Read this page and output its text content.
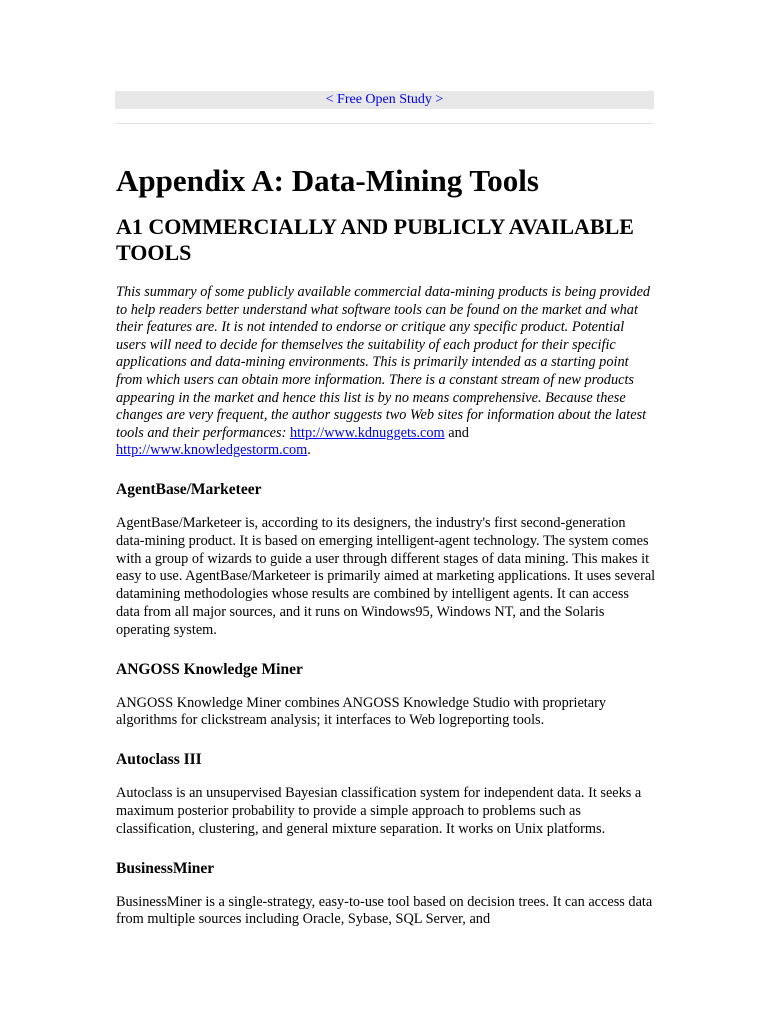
< Free Open Study >
Appendix A: Data-Mining Tools
A1 COMMERCIALLY AND PUBLICLY AVAILABLE TOOLS

This summary of some publicly available commercial data-mining products is being provided to help readers better understand what software tools can be found on the market and what their features are. It is not intended to endorse or critique any specific product. Potential users will need to decide for themselves the suitability of each product for their specific applications and data-mining environments. This is primarily intended as a starting point from which users can obtain more information. There is a constant stream of new products appearing in the market and hence this list is by no means comprehensive. Because these changes are very frequent, the author suggests two Web sites for information about the latest tools and their performances: http://www.kdnuggets.com and http://www.knowledgestorm.com.

AgentBase/Marketeer

AgentBase/Marketeer is, according to its designers, the industry's first second-generation data-mining product. It is based on emerging intelligent-agent technology. The system comes with a group of wizards to guide a user through different stages of data mining. This makes it easy to use. AgentBase/Marketeer is primarily aimed at marketing applications. It uses several datamining methodologies whose results are combined by intelligent agents. It can access data from all major sources, and it runs on Windows95, Windows NT, and the Solaris operating system.

ANGOSS Knowledge Miner

ANGOSS Knowledge Miner combines ANGOSS Knowledge Studio with proprietary algorithms for clickstream analysis; it interfaces to Web logreporting tools.

Autoclass III

Autoclass is an unsupervised Bayesian classification system for independent data. It seeks a maximum posterior probability to provide a simple approach to problems such as classification, clustering, and general mixture separation. It works on Unix platforms.

BusinessMiner

BusinessMiner is a single-strategy, easy-to-use tool based on decision trees. It can access data from multiple sources including Oracle, Sybase, SQL Server, and
